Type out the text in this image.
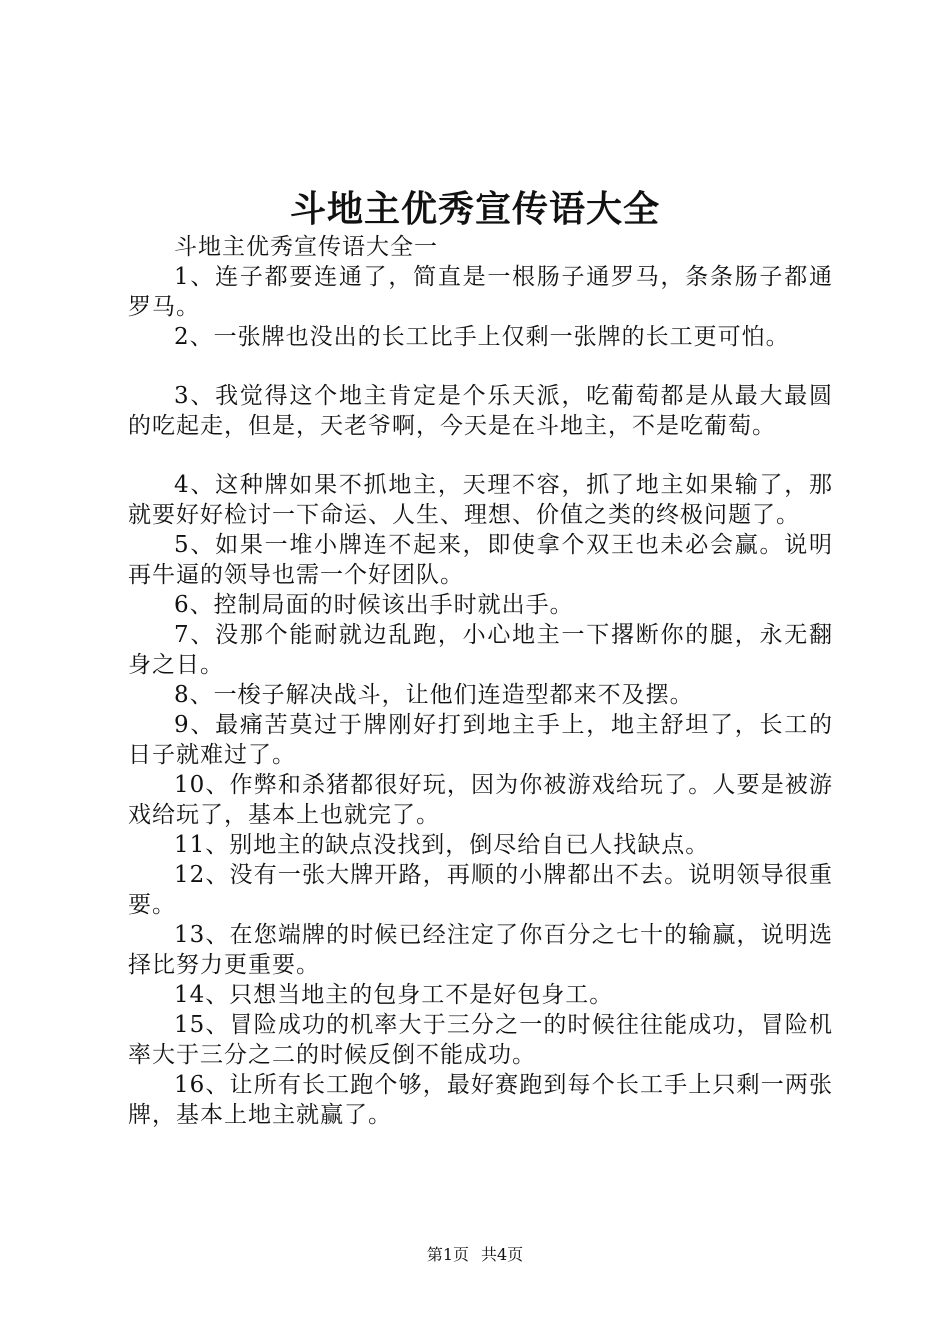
斗地主优秀宣传语大全

斗地主优秀宣传语大全一

1、连子都要连通了，简直是一根肠子通罗马，条条肠子都通罗马。

2、一张牌也没出的长工比手上仅剩一张牌的长工更可怕。

3、我觉得这个地主肯定是个乐天派，吃葡萄都是从最大最圆的吃起走，但是，天老爷啊，今天是在斗地主，不是吃葡萄。

4、这种牌如果不抓地主，天理不容，抓了地主如果输了，那就要好好检讨一下命运、人生、理想、价值之类的终极问题了。

5、如果一堆小牌连不起来，即使拿个双王也未必会赢。说明再牛逼的领导也需一个好团队。

6、控制局面的时候该出手时就出手。

7、没那个能耐就边乱跑，小心地主一下撂断你的腿，永无翻身之日。

8、一梭子解决战斗，让他们连造型都来不及摆。

9、最痛苦莫过于牌刚好打到地主手上，地主舒坦了，长工的日子就难过了。

10、作弊和杀猪都很好玩，因为你被游戏给玩了。人要是被游戏给玩了，基本上也就完了。

11、别地主的缺点没找到，倒尽给自已人找缺点。

12、没有一张大牌开路，再顺的小牌都出不去。说明领导很重要。

13、在您端牌的时候已经注定了你百分之七十的输赢，说明选择比努力更重要。

14、只想当地主的包身工不是好包身工。

15、冒险成功的机率大于三分之一的时候往往能成功，冒险机率大于三分之二的时候反倒不能成功。

16、让所有长工跑个够，最好赛跑到每个长工手上只剩一两张牌，基本上地主就赢了。

第1页 共4页
